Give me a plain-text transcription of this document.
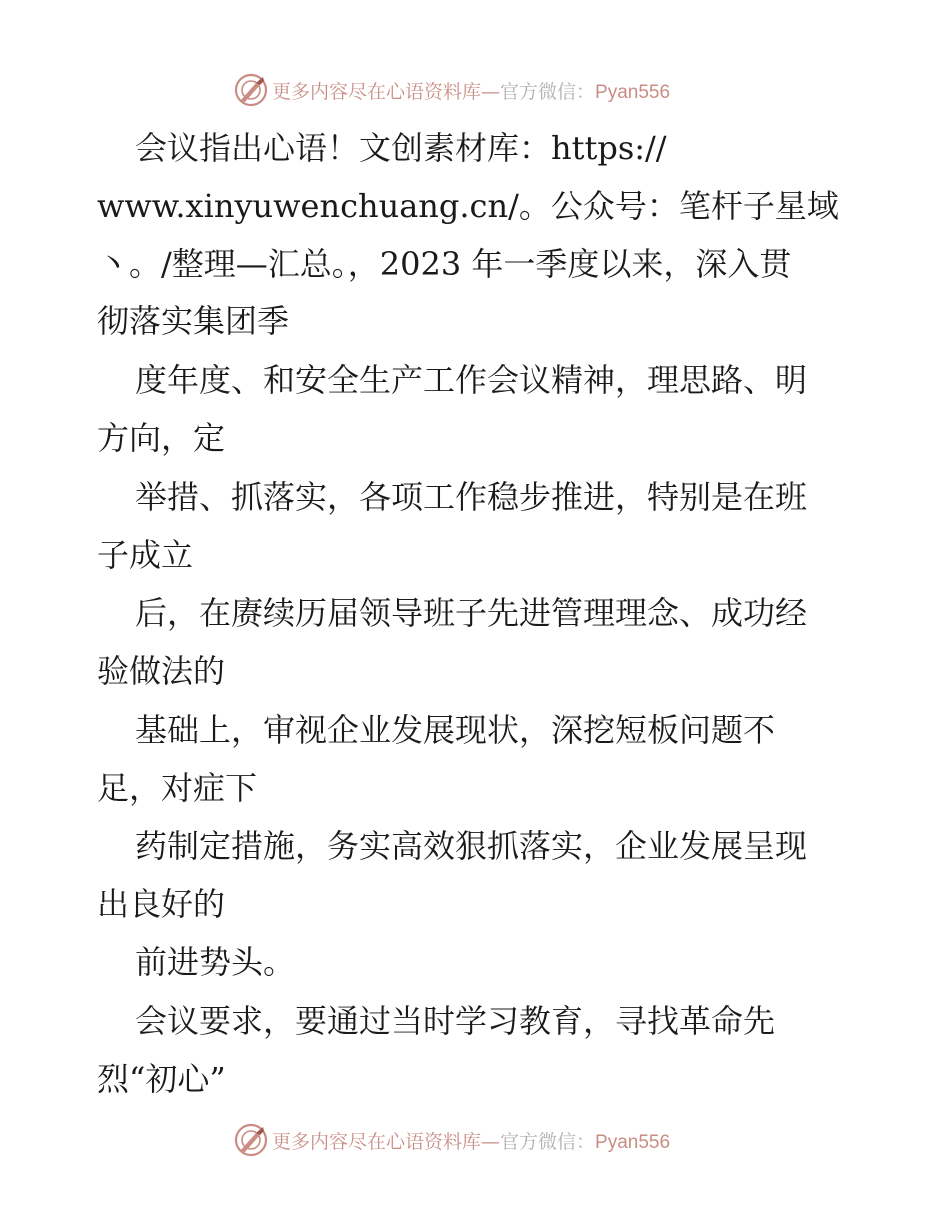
更多内容尽在心语资料库—官方微信：Pyan556
会议指出心语！文创素材库：https://
www.xinyuwenchuang.cn/。公众号：笔杆子星域
丶。/整理—汇总。，2023 年一季度以来，深入贯
彻落实集团季
度年度、和安全生产工作会议精神，理思路、明
方向，定
举措、抓落实，各项工作稳步推进，特别是在班
子成立
后，在赓续历届领导班子先进管理理念、成功经
验做法的
基础上，审视企业发展现状，深挖短板问题不
足，对症下
药制定措施，务实高效狠抓落实，企业发展呈现
出良好的
前进势头。
会议要求，要通过当时学习教育，寻找革命先
烈“初心”
更多内容尽在心语资料库—官方微信：Pyan556
